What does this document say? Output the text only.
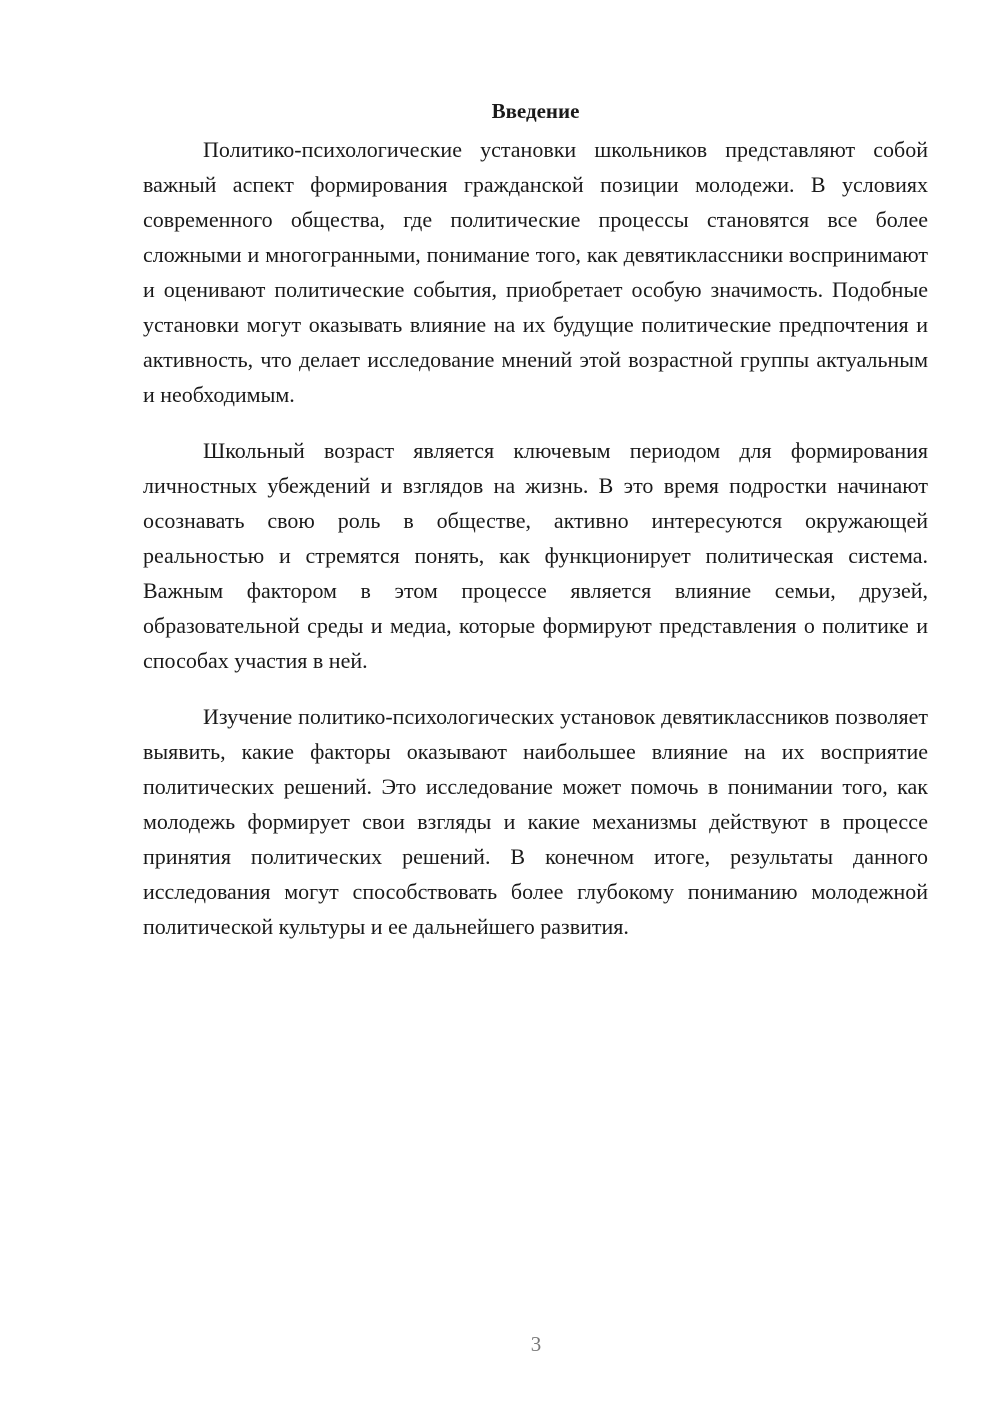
Введение

Политико-психологические установки школьников представляют собой важный аспект формирования гражданской позиции молодежи. В условиях современного общества, где политические процессы становятся все более сложными и многогранными, понимание того, как девятиклассники воспринимают и оценивают политические события, приобретает особую значимость. Подобные установки могут оказывать влияние на их будущие политические предпочтения и активность, что делает исследование мнений этой возрастной группы актуальным и необходимым.

Школьный возраст является ключевым периодом для формирования личностных убеждений и взглядов на жизнь. В это время подростки начинают осознавать свою роль в обществе, активно интересуются окружающей реальностью и стремятся понять, как функционирует политическая система. Важным фактором в этом процессе является влияние семьи, друзей, образовательной среды и медиа, которые формируют представления о политике и способах участия в ней.

Изучение политико-психологических установок девятиклассников позволяет выявить, какие факторы оказывают наибольшее влияние на их восприятие политических решений. Это исследование может помочь в понимании того, как молодежь формирует свои взгляды и какие механизмы действуют в процессе принятия политических решений. В конечном итоге, результаты данного исследования могут способствовать более глубокому пониманию молодежной политической культуры и ее дальнейшего развития.

3
